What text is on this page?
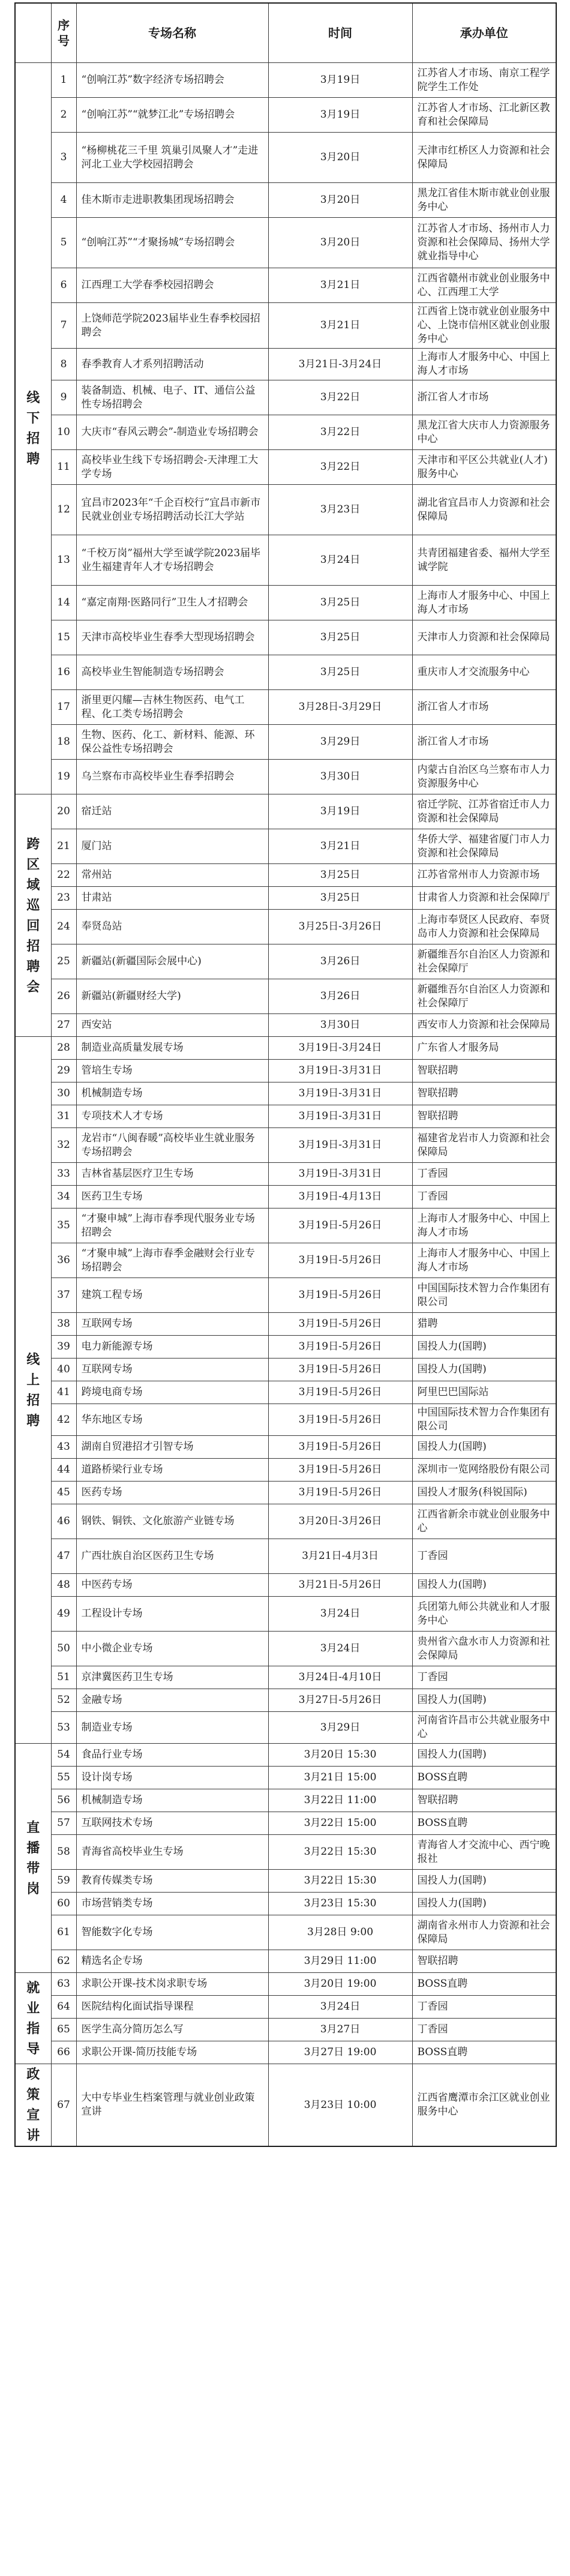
	序号	专场名称	时间	承办单位
线下招聘	1	“创响江苏”数字经济专场招聘会	3月19日	江苏省人才市场、南京工程学院学生工作处
	2	“创响江苏”“就梦江北”专场招聘会	3月19日	江苏省人才市场、江北新区教育和社会保障局
	3	“杨柳桃花三千里 筑巢引凤聚人才”走进河北工业大学校园招聘会	3月20日	天津市红桥区人力资源和社会保障局
	4	佳木斯市走进职教集团现场招聘会	3月20日	黑龙江省佳木斯市就业创业服务中心
	5	“创响江苏”“才聚扬城”专场招聘会	3月20日	江苏省人才市场、扬州市人力资源和社会保障局、扬州大学就业指导中心
	6	江西理工大学春季校园招聘会	3月21日	江西省赣州市就业创业服务中心、江西理工大学
	7	上饶师范学院2023届毕业生春季校园招聘会	3月21日	江西省上饶市就业创业服务中心、上饶市信州区就业创业服务中心
	8	春季教育人才系列招聘活动	3月21日-3月24日	上海市人才服务中心、中国上海人才市场
	9	装备制造、机械、电子、IT、通信公益性专场招聘会	3月22日	浙江省人才市场
	10	大庆市“春风云聘会”-制造业专场招聘会	3月22日	黑龙江省大庆市人力资源服务中心
	11	高校毕业生线下专场招聘会-天津理工大学专场	3月22日	天津市和平区公共就业(人才)服务中心
	12	宜昌市2023年“千企百校行”宜昌市新市民就业创业专场招聘活动长江大学站	3月23日	湖北省宜昌市人力资源和社会保障局
	13	“千校万岗”福州大学至诚学院2023届毕业生福建青年人才专场招聘会	3月24日	共青团福建省委、福州大学至诚学院
	14	“嘉定南翔·医路同行”卫生人才招聘会	3月25日	上海市人才服务中心、中国上海人才市场
	15	天津市高校毕业生春季大型现场招聘会	3月25日	天津市人力资源和社会保障局
	16	高校毕业生智能制造专场招聘会	3月25日	重庆市人才交流服务中心
	17	浙里更闪耀—吉林生物医药、电气工程、化工类专场招聘会	3月28日-3月29日	浙江省人才市场
	18	生物、医药、化工、新材料、能源、环保公益性专场招聘会	3月29日	浙江省人才市场
	19	乌兰察布市高校毕业生春季招聘会	3月30日	内蒙古自治区乌兰察布市人力资源服务中心
跨区域巡回招聘会	20	宿迁站	3月19日	宿迁学院、江苏省宿迁市人力资源和社会保障局
	21	厦门站	3月21日	华侨大学、福建省厦门市人力资源和社会保障局
	22	常州站	3月25日	江苏省常州市人力资源市场
	23	甘肃站	3月25日	甘肃省人力资源和社会保障厅
	24	奉贤岛站	3月25日-3月26日	上海市奉贤区人民政府、奉贤岛市人力资源和社会保障局
	25	新疆站(新疆国际会展中心)	3月26日	新疆维吾尔自治区人力资源和社会保障厅
	26	新疆站(新疆财经大学)	3月26日	新疆维吾尔自治区人力资源和社会保障厅
	27	西安站	3月30日	西安市人力资源和社会保障局
线上招聘	28	制造业高质量发展专场	3月19日-3月24日	广东省人才服务局
	29	管培生专场	3月19日-3月31日	智联招聘
	30	机械制造专场	3月19日-3月31日	智联招聘
	31	专项技术人才专场	3月19日-3月31日	智联招聘
	32	龙岩市“八闽春暖”高校毕业生就业服务专场招聘会	3月19日-3月31日	福建省龙岩市人力资源和社会保障局
	33	吉林省基层医疗卫生专场	3月19日-3月31日	丁香园
	34	医药卫生专场	3月19日-4月13日	丁香园
	35	“才聚申城”上海市春季现代服务业专场招聘会	3月19日-5月26日	上海市人才服务中心、中国上海人才市场
	36	“才聚申城”上海市春季金融财会行业专场招聘会	3月19日-5月26日	上海市人才服务中心、中国上海人才市场
	37	建筑工程专场	3月19日-5月26日	中国国际技术智力合作集团有限公司
	38	互联网专场	3月19日-5月26日	猎聘
	39	电力新能源专场	3月19日-5月26日	国投人力(国聘)
	40	互联网专场	3月19日-5月26日	国投人力(国聘)
	41	跨境电商专场	3月19日-5月26日	阿里巴巴国际站
	42	华东地区专场	3月19日-5月26日	中国国际技术智力合作集团有限公司
	43	湖南自贸港招才引智专场	3月19日-5月26日	国投人力(国聘)
	44	道路桥梁行业专场	3月19日-5月26日	深圳市一览网络股份有限公司
	45	医药专场	3月19日-5月26日	国投人才服务(科锐国际)
	46	钢铁、铜铁、文化旅游产业链专场	3月20日-3月26日	江西省新余市就业创业服务中心
	47	广西壮族自治区医药卫生专场	3月21日-4月3日	丁香园
	48	中医药专场	3月21日-5月26日	国投人力(国聘)
	49	工程设计专场	3月24日	兵团第九师公共就业和人才服务中心
	50	中小微企业专场	3月24日	贵州省六盘水市人力资源和社会保障局
	51	京津冀医药卫生专场	3月24日-4月10日	丁香园
	52	金融专场	3月27日-5月26日	国投人力(国聘)
	53	制造业专场	3月29日	河南省许昌市公共就业服务中心
直播带岗	54	食品行业专场	3月20日 15:30	国投人力(国聘)
	55	设计岗专场	3月21日 15:00	BOSS直聘
	56	机械制造专场	3月22日 11:00	智联招聘
	57	互联网技术专场	3月22日 15:00	BOSS直聘
	58	青海省高校毕业生专场	3月22日 15:30	青海省人才交流中心、西宁晚报社
	59	教育传媒类专场	3月22日 15:30	国投人力(国聘)
	60	市场营销类专场	3月23日 15:30	国投人力(国聘)
	61	智能数字化专场	3月28日 9:00	湖南省永州市人力资源和社会保障局
	62	精选名企专场	3月29日 11:00	智联招聘
就业指导	63	求职公开课-技术岗求职专场	3月20日 19:00	BOSS直聘
	64	医院结构化面试指导课程	3月24日	丁香园
	65	医学生高分简历怎么写	3月27日	丁香园
	66	求职公开课-简历技能专场	3月27日 19:00	BOSS直聘
政策宣讲	67	大中专毕业生档案管理与就业创业政策宣讲	3月23日 10:00	江西省鹰潭市余江区就业创业服务中心
